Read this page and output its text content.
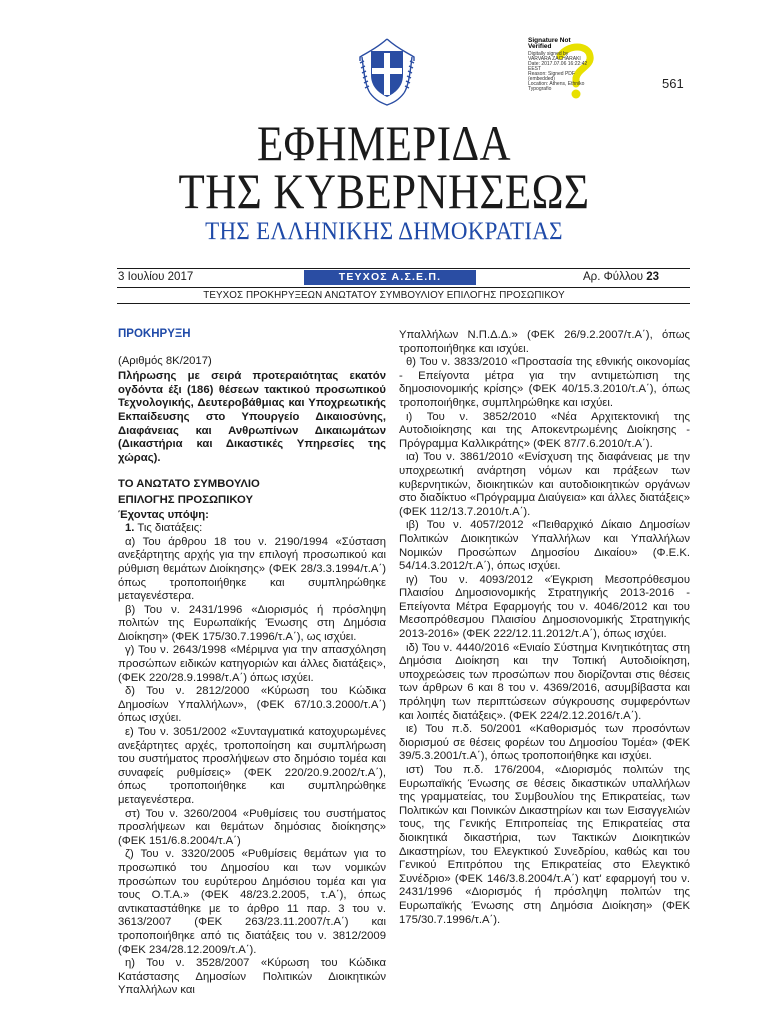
Signature Not
Verified
Digitally signed by
VARVARA ZACHARAKI
Date: 2017.07.06 16:22:42
EEST
Reason: Signed PDF
(embedded)
Location: Athens, Ethniko
Typografio	561
ΕΦΗΜΕΡΙΔΑ
ΤΗΣ ΚΥΒΕΡΝΗΣΕΩΣ
ΤΗΣ ΕΛΛΗΝΙΚΗΣ ΔΗΜΟΚΡΑΤΙΑΣ
3 Ιουλίου 2017	ΤΕΥΧΟΣ Α.Σ.Ε.Π.	Αρ. Φύλλου 23
ΤΕΥΧΟΣ ΠΡΟΚΗΡΥΞΕΩΝ ΑΝΩΤΑΤΟΥ ΣΥΜΒΟΥΛΙΟΥ ΕΠΙΛΟΓΗΣ ΠΡΟΣΩΠΙΚΟΥ

ΠΡΟΚΗΡΥΞΗ

(Αριθμός 8Κ/2017)

Πλήρωσης με σειρά προτεραιότητας εκατόν ογδόντα έξι (186) θέσεων τακτικού προσωπικού Τεχνολογικής, Δευτεροβάθμιας και Υποχρεωτικής Εκπαίδευσης στο Υπουργείο Δικαιοσύνης, Διαφάνειας και Ανθρωπίνων Δικαιωμάτων (Δικαστήρια και Δικαστικές Υπηρεσίες της χώρας).

ΤΟ ΑΝΩΤΑΤΟ ΣΥΜΒΟΥΛΙΟ

ΕΠΙΛΟΓΗΣ ΠΡΟΣΩΠΙΚΟΥ

Έχοντας υπόψη:

1. Τις διατάξεις:

α) Του άρθρου 18 του ν. 2190/1994 «Σύσταση ανεξάρτητης αρχής για την επιλογή προσωπικού και ρύθμιση θεμάτων Διοίκησης» (ΦΕΚ 28/3.3.1994/τ.Α΄) όπως τροποποιήθηκε και συμπληρώθηκε μεταγενέστερα.

β) Του ν. 2431/1996 «Διορισμός ή πρόσληψη πολιτών της Ευρωπαϊκής Ένωσης στη Δημόσια Διοίκηση» (ΦΕΚ 175/30.7.1996/τ.Α΄), ως ισχύει.

γ) Του ν. 2643/1998 «Μέριμνα για την απασχόληση προσώπων ειδικών κατηγοριών και άλλες διατάξεις», (ΦΕΚ 220/28.9.1998/τ.Α΄) όπως ισχύει.

δ) Του ν. 2812/2000 «Κύρωση του Κώδικα Δημοσίων Υπαλλήλων», (ΦΕΚ 67/10.3.2000/τ.Α΄) όπως ισχύει.

ε) Του ν. 3051/2002 «Συνταγματικά κατοχυρωμένες ανεξάρτητες αρχές, τροποποίηση και συμπλήρωση του συστήματος προσλήψεων στο δημόσιο τομέα και συναφείς ρυθμίσεις» (ΦΕΚ 220/20.9.2002/τ.Α΄), όπως τροποποιήθηκε και συμπληρώθηκε μεταγενέστερα.

στ) Του ν. 3260/2004 «Ρυθμίσεις του συστήματος προσλήψεων και θεμάτων δημόσιας διοίκησης» (ΦΕΚ 151/6.8.2004/τ.Α΄)

ζ) Του ν. 3320/2005 «Ρυθμίσεις θεμάτων για το προσωπικό του Δημοσίου και των νομικών προσώπων του ευρύτερου Δημόσιου τομέα και για τους Ο.Τ.Α.» (ΦΕΚ 48/23.2.2005, τ.Α΄), όπως αντικαταστάθηκε με το άρθρο 11 παρ. 3 του ν. 3613/2007 (ΦΕΚ 263/23.11.2007/τ.Α΄) και τροποποιήθηκε από τις διατάξεις του ν. 3812/2009 (ΦΕΚ 234/28.12.2009/τ.Α΄).

η) Του ν. 3528/2007 «Κύρωση του Κώδικα Κατάστασης Δημοσίων Πολιτικών Διοικητικών Υπαλλήλων και

Υπαλλήλων Ν.Π.Δ.Δ.» (ΦΕΚ 26/9.2.2007/τ.Α΄), όπως τροποποιήθηκε και ισχύει.

θ) Του ν. 3833/2010 «Προστασία της εθνικής οικονομίας - Επείγοντα μέτρα για την αντιμετώπιση της δημοσιονομικής κρίσης» (ΦΕΚ 40/15.3.2010/τ.Α΄), όπως τροποποιήθηκε, συμπληρώθηκε και ισχύει.

ι) Του ν. 3852/2010 «Νέα Αρχιτεκτονική της Αυτοδιοίκησης και της Αποκεντρωμένης Διοίκησης - Πρόγραμμα Καλλικράτης» (ΦΕΚ 87/7.6.2010/τ.Α΄).

ια) Του ν. 3861/2010 «Ενίσχυση της διαφάνειας με την υποχρεωτική ανάρτηση νόμων και πράξεων των κυβερνητικών, διοικητικών και αυτοδιοικητικών οργάνων στο διαδίκτυο «Πρόγραμμα Διαύγεια» και άλλες διατάξεις» (ΦΕΚ 112/13.7.2010/τ.Α΄).

ιβ) Του ν. 4057/2012 «Πειθαρχικό Δίκαιο Δημοσίων Πολιτικών Διοικητικών Υπαλλήλων και Υπαλλήλων Νομικών Προσώπων Δημοσίου Δικαίου» (Φ.Ε.Κ. 54/14.3.2012/τ.Α΄), όπως ισχύει.

ιγ) Του ν. 4093/2012 «Έγκριση Μεσοπρόθεσμου Πλαισίου Δημοσιονομικής Στρατηγικής 2013-2016 - Επείγοντα Μέτρα Εφαρμογής του ν. 4046/2012 και του Μεσοπρόθεσμου Πλαισίου Δημοσιονομικής Στρατηγικής 2013-2016» (ΦΕΚ 222/12.11.2012/τ.Α΄), όπως ισχύει.

ιδ) Του ν. 4440/2016 «Ενιαίο Σύστημα Κινητικότητας στη Δημόσια Διοίκηση και την Τοπική Αυτοδιοίκηση, υποχρεώσεις των προσώπων που διορίζονται στις θέσεις των άρθρων 6 και 8 του ν. 4369/2016, ασυμβίβαστα και πρόληψη των περιπτώσεων σύγκρουσης συμφερόντων και λοιπές διατάξεις». (ΦΕΚ 224/2.12.2016/τ.Α΄).

ιε) Του π.δ. 50/2001 «Καθορισμός των προσόντων διορισμού σε θέσεις φορέων του Δημοσίου Τομέα» (ΦΕΚ 39/5.3.2001/τ.Α΄), όπως τροποποιήθηκε και ισχύει.

ιστ) Του π.δ. 176/2004, «Διορισμός πολιτών της Ευρωπαϊκής Ένωσης σε θέσεις δικαστικών υπαλλήλων της γραμματείας, του Συμβουλίου της Επικρατείας, των Πολιτικών και Ποινικών Δικαστηρίων και των Εισαγγελιών τους, της Γενικής Επιτροπείας της Επικρατείας στα διοικητικά δικαστήρια, των Τακτικών Διοικητικών Δικαστηρίων, του Ελεγκτικού Συνεδρίου, καθώς και του Γενικού Επιτρόπου της Επικρατείας στο Ελεγκτικό Συνέδριο» (ΦΕΚ 146/3.8.2004/τ.Α΄) κατ' εφαρμογή του ν. 2431/1996 «Διορισμός ή πρόσληψη πολιτών της Ευρωπαϊκής Ένωσης στη Δημόσια Διοίκηση» (ΦΕΚ 175/30.7.1996/τ.Α΄).
